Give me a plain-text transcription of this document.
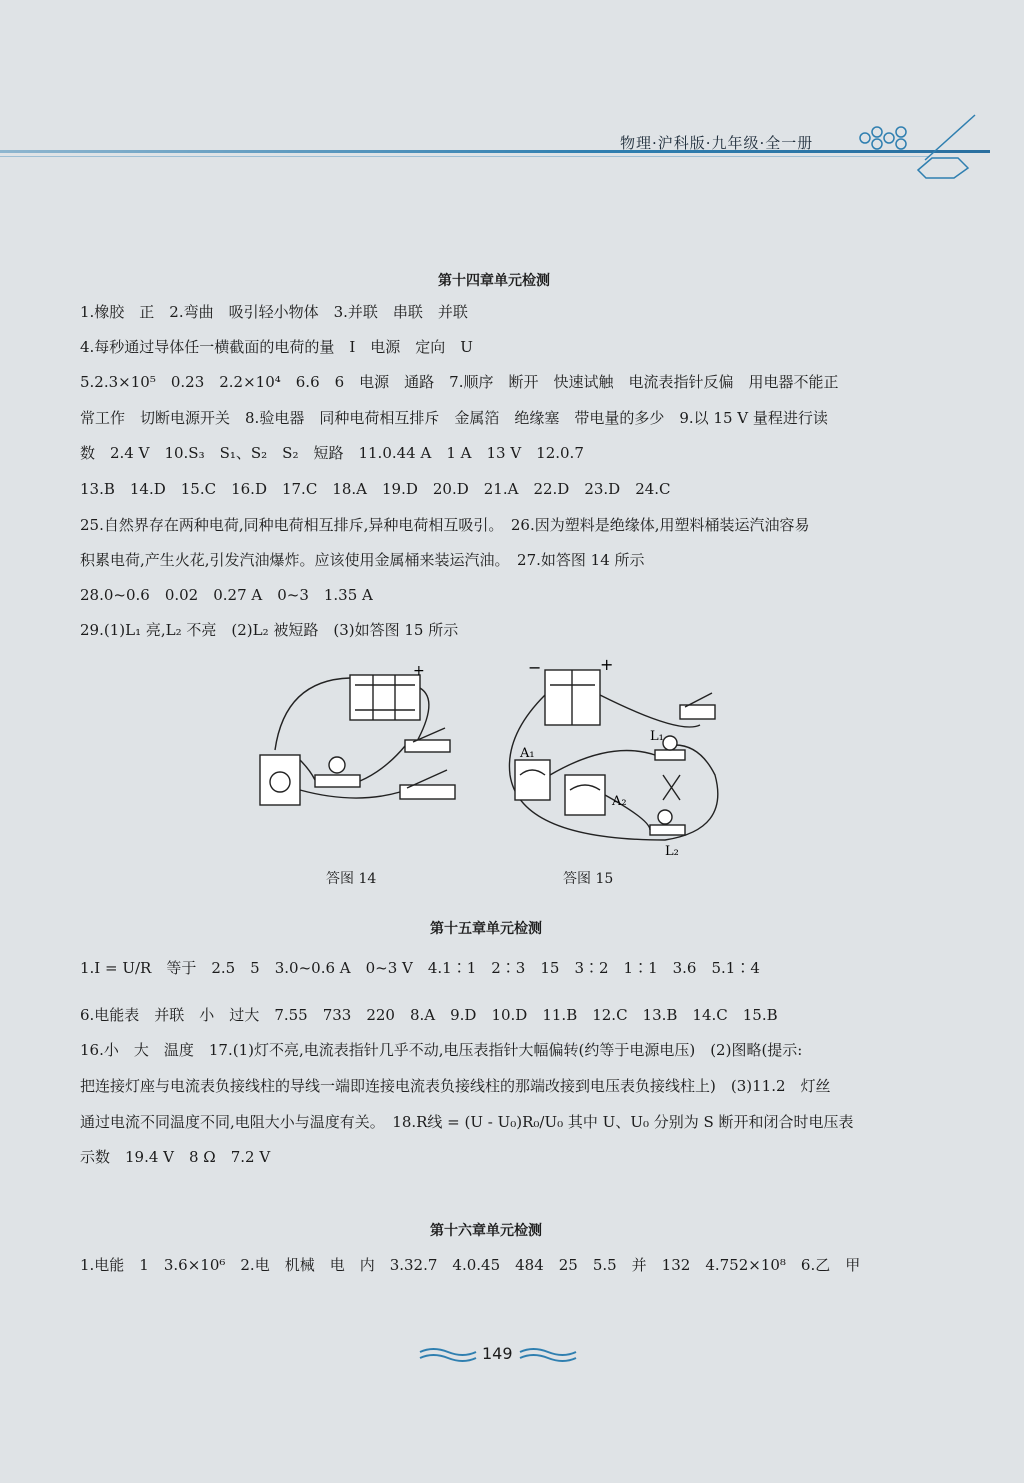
物理·沪科版·九年级·全一册
第十四章单元检测
1.橡胶　正　2.弯曲　吸引轻小物体　3.并联　串联　并联
4.每秒通过导体任一横截面的电荷的量　I　电源　定向　U
5.2.3×10⁵　0.23　2.2×10⁴　6.6　6　电源　通路　7.顺序　断开　快速试触　电流表指针反偏　用电器不能正
常工作　切断电源开关　8.验电器　同种电荷相互排斥　金属箔　绝缘塞　带电量的多少　9.以 15 V 量程进行读
数　2.4 V　10.S₃　S₁、S₂　S₂　短路　11.0.44 A　1 A　13 V　12.0.7
13.B　14.D　15.C　16.D　17.C　18.A　19.D　20.D　21.A　22.D　23.D　24.C
25.自然界存在两种电荷,同种电荷相互排斥,异种电荷相互吸引。　26.因为塑料是绝缘体,用塑料桶装运汽油容易
积累电荷,产生火花,引发汽油爆炸。应该使用金属桶来装运汽油。　27.如答图 14 所示
28.0~0.6　0.02　0.27 A　0~3　1.35 A
29.(1)L₁ 亮,L₂ 不亮　(2)L₂ 被短路　(3)如答图 15 所示
+
答图 14
−	+
A₁
A₂
L₁
L₂
答图 15
第十五章单元检测
1.I = U/R　等于　2.5　5　3.0~0.6 A　0~3 V　4.1∶1　2∶3　15　3∶2　1∶1　3.6　5.1∶4
6.电能表　并联　小　过大　7.55　733　220　8.A　9.D　10.D　11.B　12.C　13.B　14.C　15.B
16.小　大　温度　17.(1)灯不亮,电流表指针几乎不动,电压表指针大幅偏转(约等于电源电压)　(2)图略(提示:
把连接灯座与电流表负接线柱的导线一端即连接电流表负接线柱的那端改接到电压表负接线柱上)　(3)11.2　灯丝
通过电流不同温度不同,电阻大小与温度有关。　18.R线 = (U - U₀)R₀/U₀ 其中 U、U₀ 分别为 S 断开和闭合时电压表
示数　19.4 V　8 Ω　7.2 V
第十六章单元检测
1.电能　1　3.6×10⁶　2.电　机械　电　内　3.32.7　4.0.45　484　25　5.5　并　132　4.752×10⁸　6.乙　甲
149
